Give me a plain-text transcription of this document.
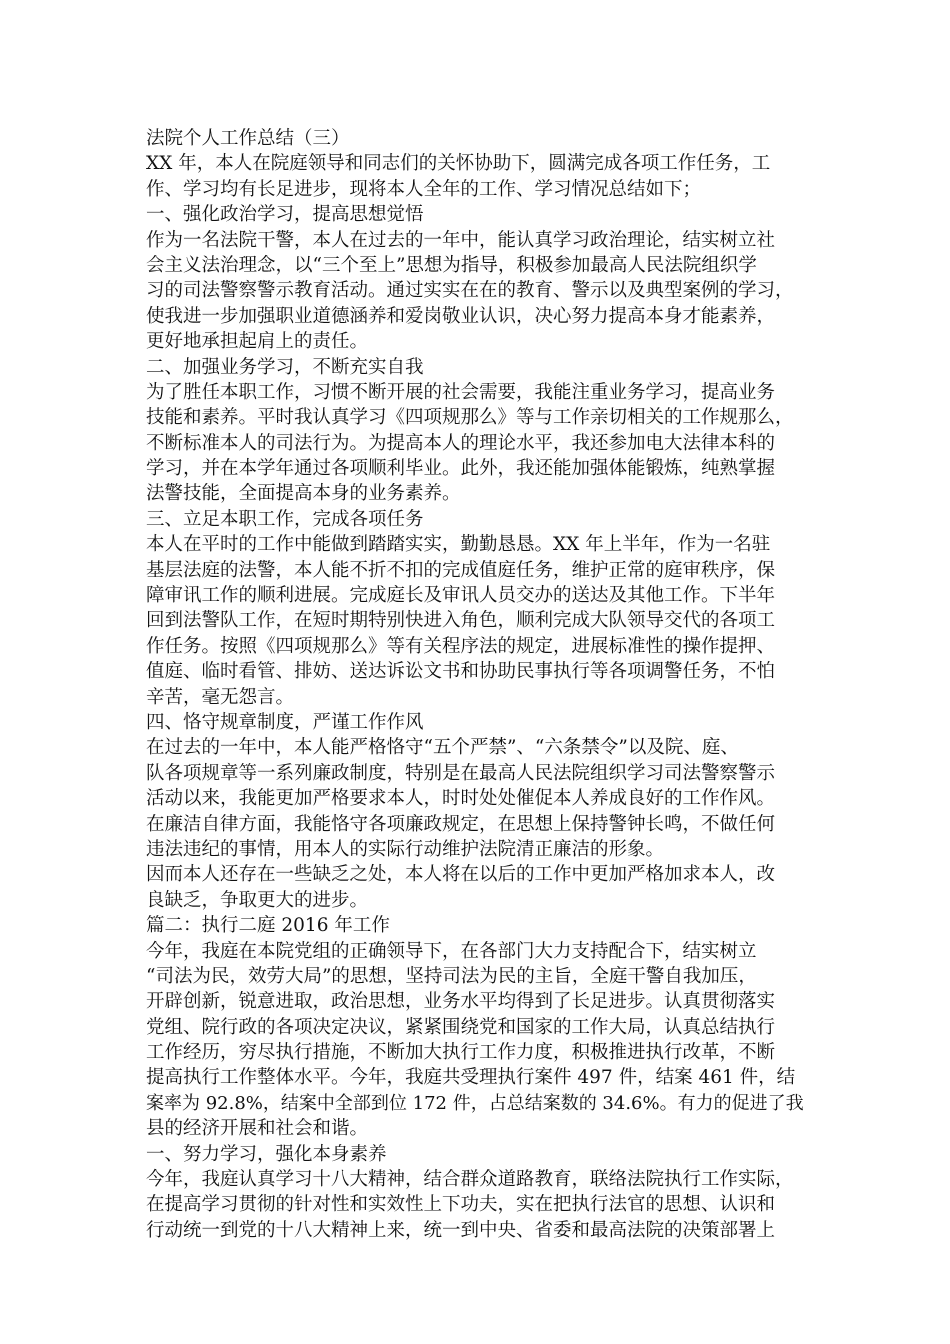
法院个人工作总结（三）
XX 年，本人在院庭领导和同志们的关怀协助下，圆满完成各项工作任务，工
作、学习均有长足进步，现将本人全年的工作、学习情况总结如下；
一、强化政治学习，提高思想觉悟
作为一名法院干警，本人在过去的一年中，能认真学习政治理论，结实树立社
会主义法治理念，以“三个至上”思想为指导，积极参加最高人民法院组织学
习的司法警察警示教育活动。通过实实在在的教育、警示以及典型案例的学习，
使我进一步加强职业道德涵养和爱岗敬业认识，决心努力提高本身才能素养，
更好地承担起肩上的责任。
二、加强业务学习，不断充实自我
为了胜任本职工作，习惯不断开展的社会需要，我能注重业务学习，提高业务
技能和素养。平时我认真学习《四项规那么》等与工作亲切相关的工作规那么，
不断标准本人的司法行为。为提高本人的理论水平，我还参加电大法律本科的
学习，并在本学年通过各项顺利毕业。此外，我还能加强体能锻炼，纯熟掌握
法警技能，全面提高本身的业务素养。
三、立足本职工作，完成各项任务
本人在平时的工作中能做到踏踏实实，勤勤恳恳。XX 年上半年，作为一名驻
基层法庭的法警，本人能不折不扣的完成值庭任务，维护正常的庭审秩序，保
障审讯工作的顺利进展。完成庭长及审讯人员交办的送达及其他工作。下半年
回到法警队工作，在短时期特别快进入角色，顺利完成大队领导交代的各项工
作任务。按照《四项规那么》等有关程序法的规定，进展标准性的操作提押、
值庭、临时看管、排妨、送达诉讼文书和协助民事执行等各项调警任务，不怕
辛苦，毫无怨言。
四、恪守规章制度，严谨工作作风
在过去的一年中，本人能严格恪守“五个严禁”、“六条禁令”以及院、庭、
队各项规章等一系列廉政制度，特别是在最高人民法院组织学习司法警察警示
活动以来，我能更加严格要求本人，时时处处催促本人养成良好的工作作风。
在廉洁自律方面，我能恪守各项廉政规定，在思想上保持警钟长鸣，不做任何
违法违纪的事情，用本人的实际行动维护法院清正廉洁的形象。
因而本人还存在一些缺乏之处，本人将在以后的工作中更加严格加求本人，改
良缺乏，争取更大的进步。
篇二：执行二庭 2016 年工作
今年，我庭在本院党组的正确领导下，在各部门大力支持配合下，结实树立
“司法为民，效劳大局”的思想，坚持司法为民的主旨，全庭干警自我加压，
开辟创新，锐意进取，政治思想，业务水平均得到了长足进步。认真贯彻落实
党组、院行政的各项决定决议，紧紧围绕党和国家的工作大局，认真总结执行
工作经历，穷尽执行措施，不断加大执行工作力度，积极推进执行改革，不断
提高执行工作整体水平。今年，我庭共受理执行案件 497 件，结案 461 件，结
案率为 92.8%，结案中全部到位 172 件，占总结案数的 34.6%。有力的促进了我
县的经济开展和社会和谐。
一、努力学习，强化本身素养
今年，我庭认真学习十八大精神，结合群众道路教育，联络法院执行工作实际，
在提高学习贯彻的针对性和实效性上下功夫，实在把执行法官的思想、认识和
行动统一到党的十八大精神上来，统一到中央、省委和最高法院的决策部署上
